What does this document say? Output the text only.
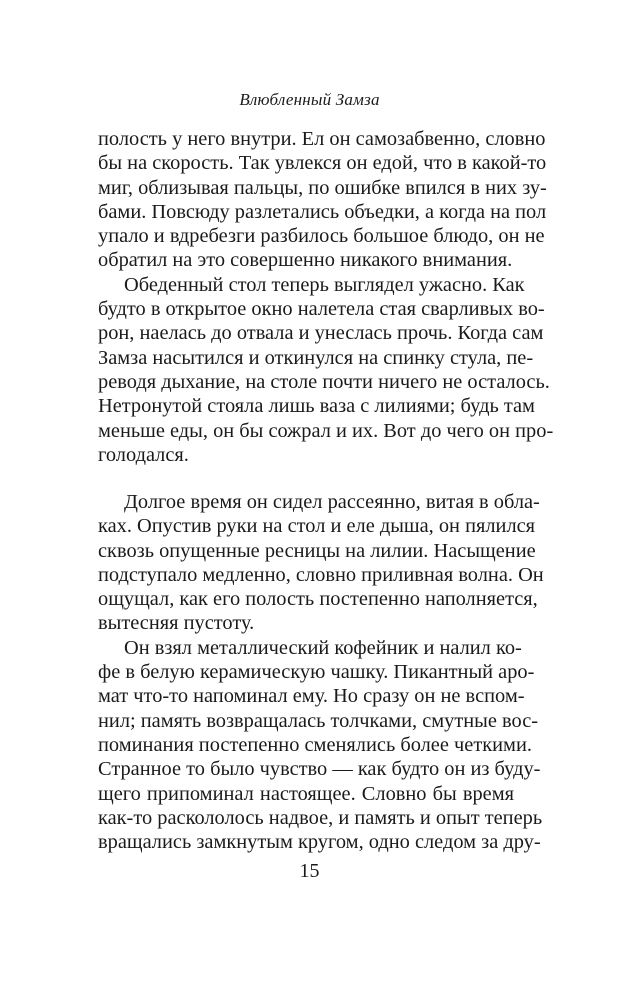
Влюбленный Замза
полость у него внутри. Ел он самозабвенно, словно
бы на скорость. Так увлекся он едой, что в какой-то
миг, облизывая пальцы, по ошибке впился в них зу-
бами. Повсюду разлетались объедки, а когда на пол
упало и вдребезги разбилось большое блюдо, он не
обратил на это совершенно никакого внимания.
Обеденный стол теперь выглядел ужасно. Как
будто в открытое окно налетела стая сварливых во-
рон, наелась до отвала и унеслась прочь. Когда сам
Замза насытился и откинулся на спинку стула, пе-
реводя дыхание, на столе почти ничего не осталось.
Нетронутой стояла лишь ваза с лилиями; будь там
меньше еды, он бы сожрал и их. Вот до чего он про-
голодался.
Долгое время он сидел рассеянно, витая в обла-
ках. Опустив руки на стол и еле дыша, он пялился
сквозь опущенные ресницы на лилии. Насыщение
подступало медленно, словно приливная волна. Он
ощущал, как его полость постепенно наполняется,
вытесняя пустоту.
Он взял металлический кофейник и налил ко-
фе в белую керамическую чашку. Пикантный аро-
мат что-то напоминал ему. Но сразу он не вспом-
нил; память возвращалась толчками, смутные вос-
поминания постепенно сменялись более четкими.
Странное то было чувство — как будто он из буду-
щего припоминал настоящее. Словно бы время
как-то раскололось надвое, и память и опыт теперь
вращались замкнутым кругом, одно следом за дру-
15
